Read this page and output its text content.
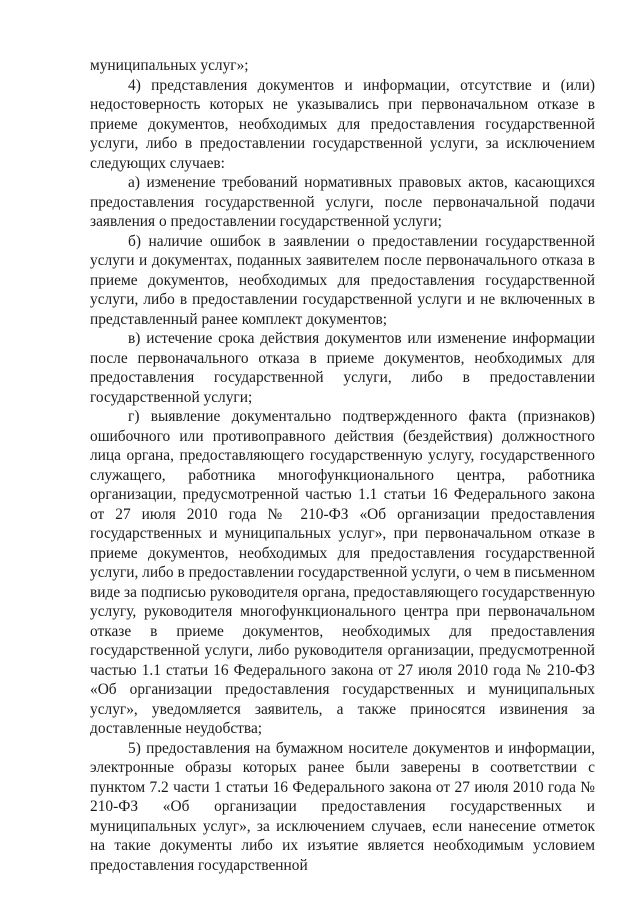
муниципальных услуг»;

4) представления документов и информации, отсутствие и (или) недостоверность которых не указывались при первоначальном отказе в приеме документов, необходимых для предоставления государственной услуги, либо в предоставлении государственной услуги, за исключением следующих случаев:

а) изменение требований нормативных правовых актов, касающихся предоставления государственной услуги, после первоначальной подачи заявления о предоставлении государственной услуги;

б) наличие ошибок в заявлении о предоставлении государственной услуги и документах, поданных заявителем после первоначального отказа в приеме документов, необходимых для предоставления государственной услуги, либо в предоставлении государственной услуги и не включенных в представленный ранее комплект документов;

в) истечение срока действия документов или изменение информации после первоначального отказа в приеме документов, необходимых для предоставления государственной услуги, либо в предоставлении государственной услуги;

г) выявление документально подтвержденного факта (признаков) ошибочного или противоправного действия (бездействия) должностного лица органа, предоставляющего государственную услугу, государственного служащего, работника многофункционального центра, работника организации, предусмотренной частью 1.1 статьи 16 Федерального закона от 27 июля 2010 года № 210-ФЗ «Об организации предоставления государственных и муниципальных услуг», при первоначальном отказе в приеме документов, необходимых для предоставления государственной услуги, либо в предоставлении государственной услуги, о чем в письменном виде за подписью руководителя органа, предоставляющего государственную услугу, руководителя многофункционального центра при первоначальном отказе в приеме документов, необходимых для предоставления государственной услуги, либо руководителя организации, предусмотренной частью 1.1 статьи 16 Федерального закона от 27 июля 2010 года № 210-ФЗ «Об организации предоставления государственных и муниципальных услуг», уведомляется заявитель, а также приносятся извинения за доставленные неудобства;

5) предоставления на бумажном носителе документов и информации, электронные образы которых ранее были заверены в соответствии с пунктом 7.2 части 1 статьи 16 Федерального закона от 27 июля 2010 года № 210-ФЗ «Об организации предоставления государственных и муниципальных услуг», за исключением случаев, если нанесение отметок на такие документы либо их изъятие является необходимым условием предоставления государственной
